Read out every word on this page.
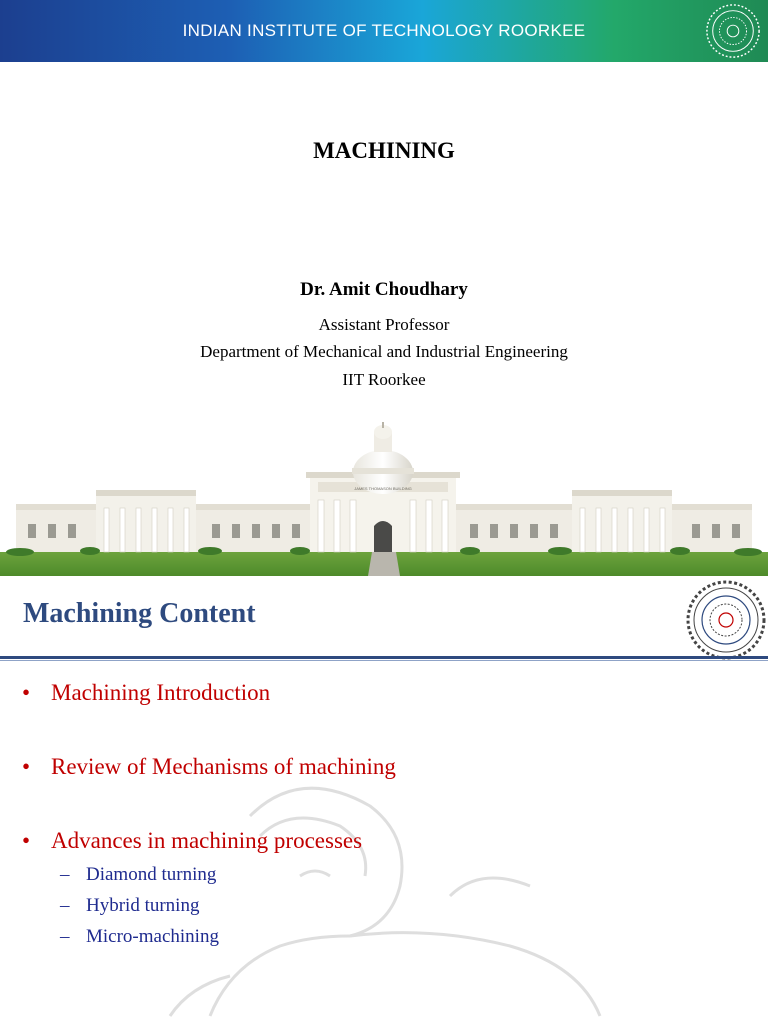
INDIAN INSTITUTE OF TECHNOLOGY ROORKEE
MACHINING
Dr. Amit Choudhary
Assistant Professor
Department of Mechanical and Industrial Engineering
IIT Roorkee
JAMES THOMASON BUILDING
Machining Content
• Machining Introduction
• Review of Mechanisms of machining
• Advances in machining processes
– Diamond turning
– Hybrid turning
– Micro-machining
